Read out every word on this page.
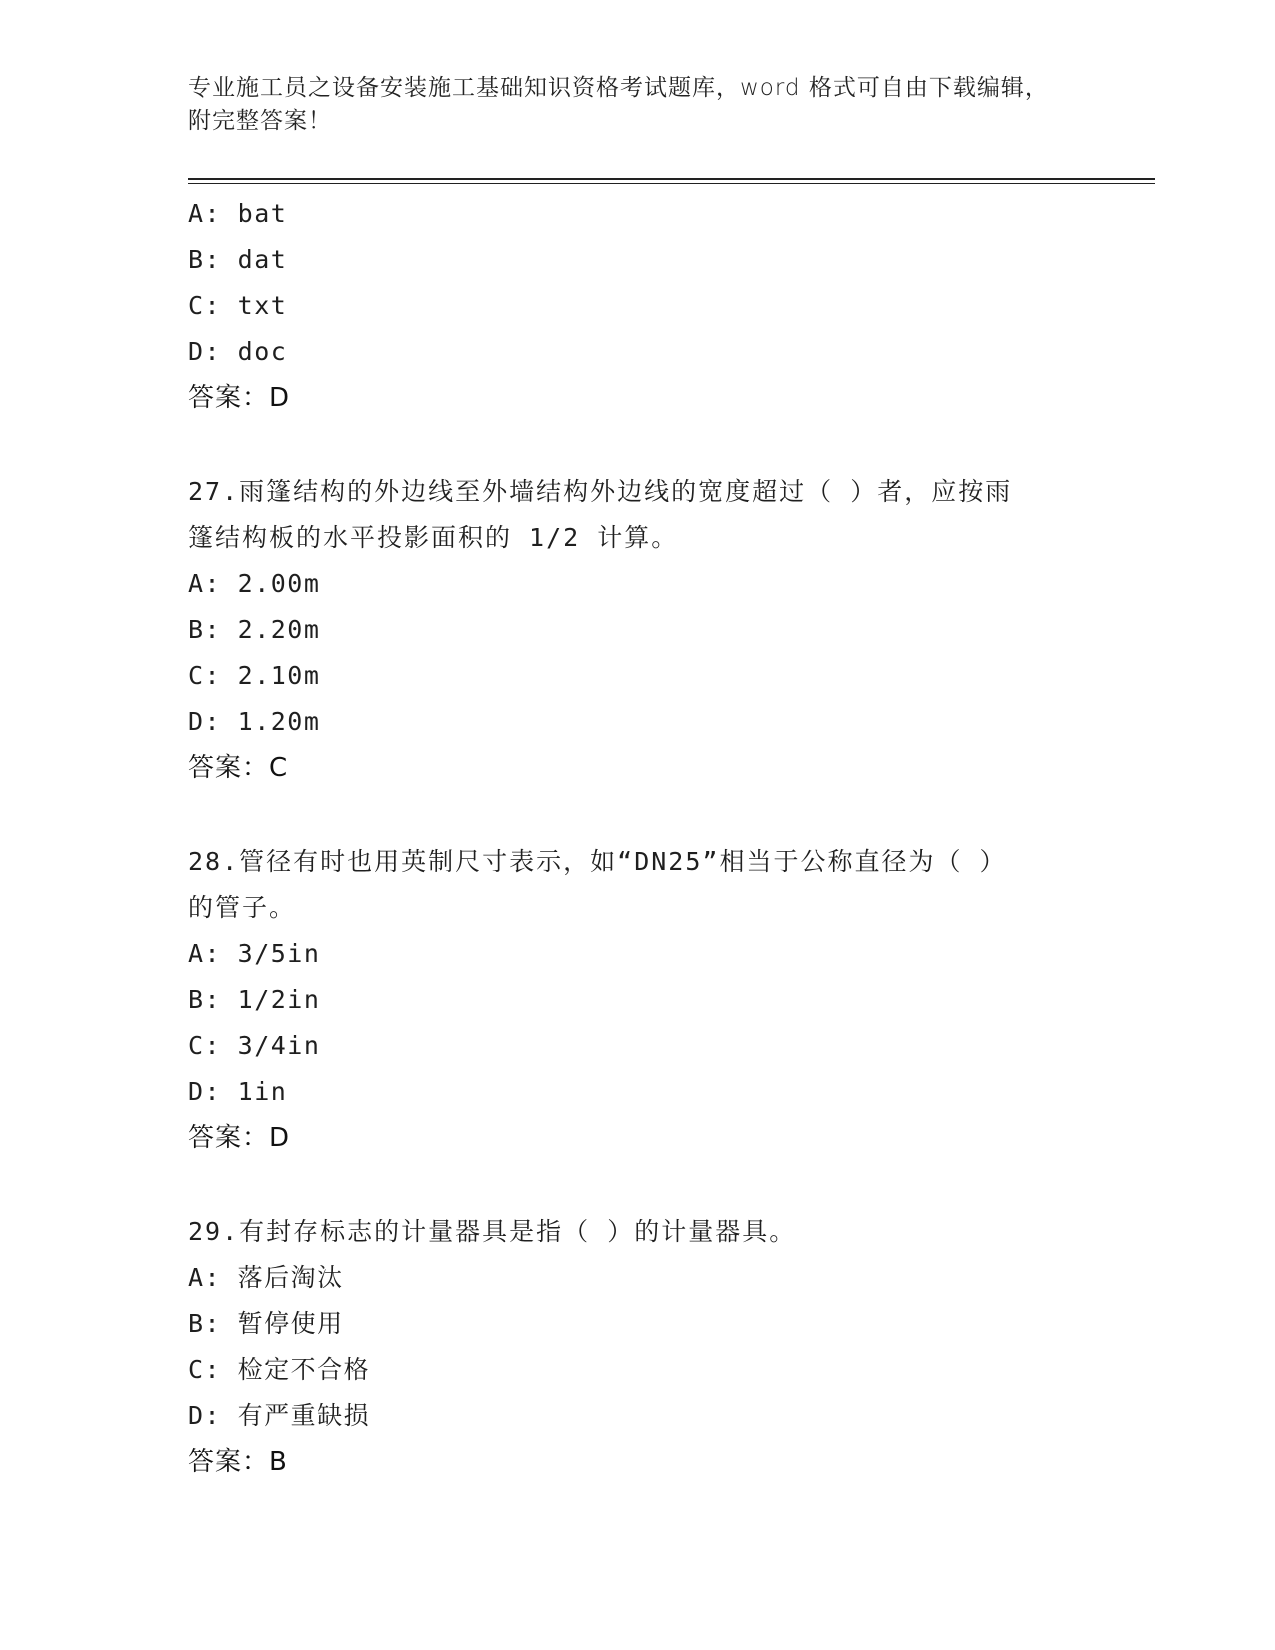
专业施工员之设备安装施工基础知识资格考试题库，word 格式可自由下载编辑，
附完整答案！
A: bat
B: dat
C: txt
D: doc
答案：D
27.雨篷结构的外边线至外墙结构外边线的宽度超过（ ）者，应按雨
篷结构板的水平投影面积的 1/2 计算。
A: 2.00m
B: 2.20m
C: 2.10m
D: 1.20m
答案：C
28.管径有时也用英制尺寸表示，如“DN25”相当于公称直径为（ ）
的管子。
A: 3/5in
B: 1/2in
C: 3/4in
D: 1in
答案：D
29.有封存标志的计量器具是指（ ）的计量器具。
A: 落后淘汰
B: 暂停使用
C: 检定不合格
D: 有严重缺损
答案：B
